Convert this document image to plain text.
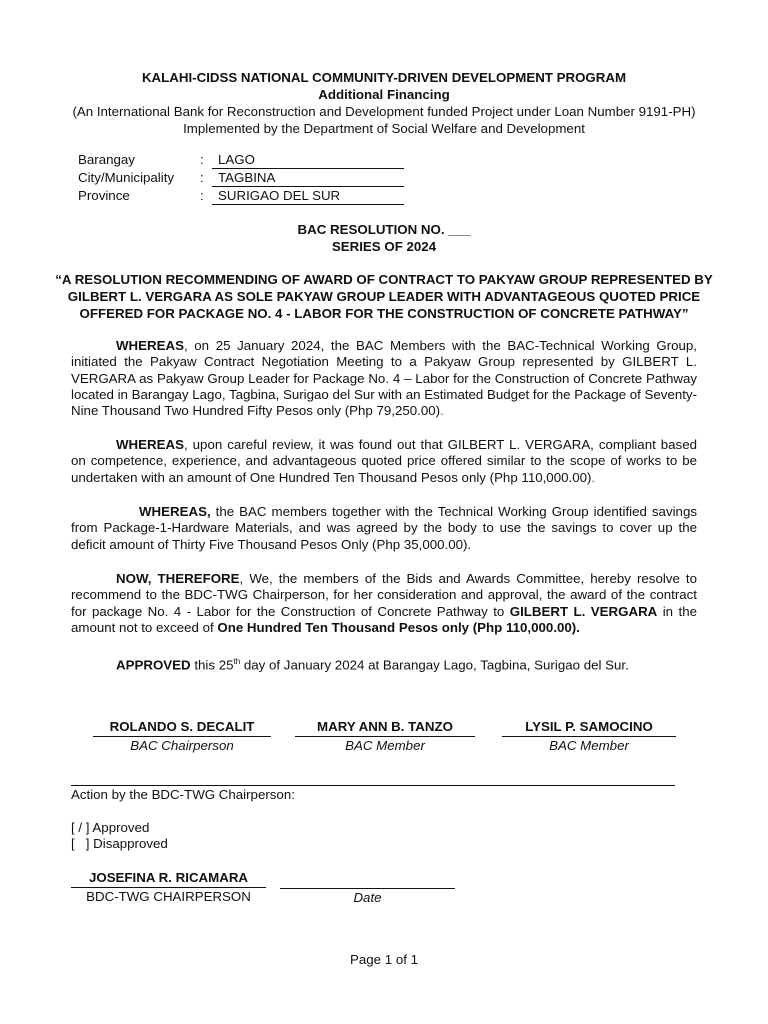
KALAHI-CIDSS NATIONAL COMMUNITY-DRIVEN DEVELOPMENT PROGRAM
Additional Financing
(An International Bank for Reconstruction and Development funded Project under Loan Number 9191-PH)
Implemented by the Department of Social Welfare and Development
Barangay	:	LAGO
City/Municipality	:	TAGBINA
Province	:	SURIGAO DEL SUR
BAC RESOLUTION NO. ___
SERIES OF 2024
“A RESOLUTION RECOMMENDING OF AWARD OF CONTRACT TO PAKYAW GROUP REPRESENTED BY
GILBERT L. VERGARA AS SOLE PAKYAW GROUP LEADER WITH ADVANTAGEOUS QUOTED PRICE
OFFERED FOR PACKAGE NO. 4 - LABOR FOR THE CONSTRUCTION OF CONCRETE PATHWAY”
WHEREAS, on 25 January 2024, the BAC Members with the BAC-Technical Working Group, initiated the Pakyaw Contract Negotiation Meeting to a Pakyaw Group represented by GILBERT L. VERGARA as Pakyaw Group Leader for Package No. 4 – Labor for the Construction of Concrete Pathway located in Barangay Lago, Tagbina, Surigao del Sur with an Estimated Budget for the Package of Seventy-Nine Thousand Two Hundred Fifty Pesos only (Php 79,250.00).
WHEREAS, upon careful review, it was found out that GILBERT L. VERGARA, compliant based on competence, experience, and advantageous quoted price offered similar to the scope of works to be undertaken with an amount of One Hundred Ten Thousand Pesos only (Php 110,000.00).
WHEREAS, the BAC members together with the Technical Working Group identified savings from Package-1-Hardware Materials, and was agreed by the body to use the savings to cover up the deficit amount of Thirty Five Thousand Pesos Only (Php 35,000.00).
NOW, THEREFORE, We, the members of the Bids and Awards Committee, hereby resolve to recommend to the BDC-TWG Chairperson, for her consideration and approval, the award of the contract for package No. 4 - Labor for the Construction of Concrete Pathway to GILBERT L. VERGARA in the amount not to exceed of One Hundred Ten Thousand Pesos only (Php 110,000.00).
APPROVED this 25th day of January 2024 at Barangay Lago, Tagbina, Surigao del Sur.
ROLANDO S. DECALIT
BAC Chairperson
MARY ANN B. TANZO
BAC Member
LYSIL P. SAMOCINO
BAC Member
Action by the BDC-TWG Chairperson:
[ / ] Approved
[   ] Disapproved
JOSEFINA R. RICAMARA
BDC-TWG CHAIRPERSON	Date
Page 1 of 1
